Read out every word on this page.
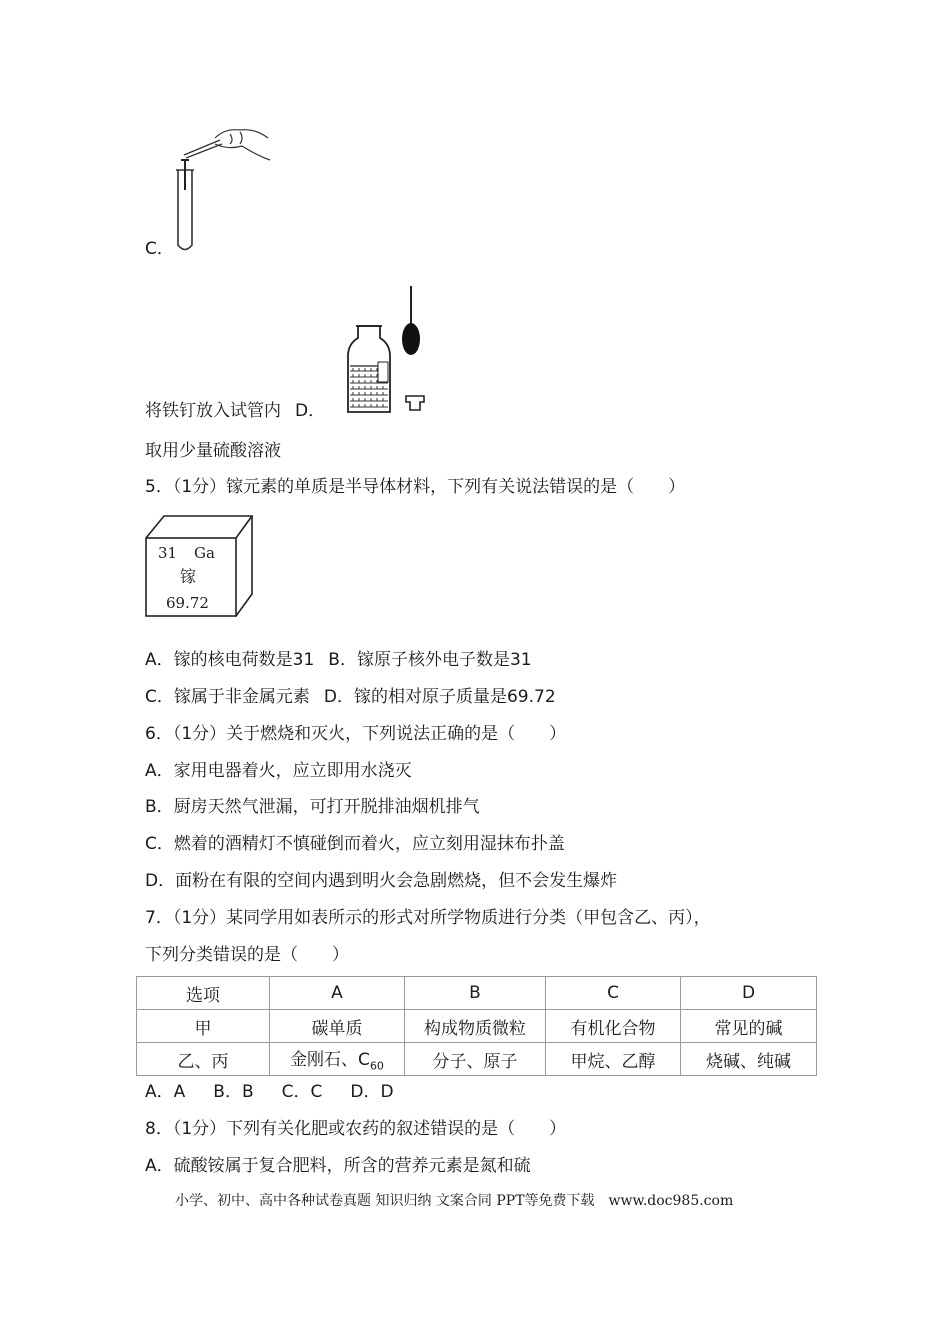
C．
将铁钉放入试管内 D．
取用少量硫酸溶液
5．（1分）镓元素的单质是半导体材料，下列有关说法错误的是（　　）
31 Ga
镓
69.72
A．镓的核电荷数是31 B．镓原子核外电子数是31
C．镓属于非金属元素 D．镓的相对原子质量是69.72
6．（1分）关于燃烧和灭火，下列说法正确的是（　　）
A．家用电器着火，应立即用水浇灭
B．厨房天然气泄漏，可打开脱排油烟机排气
C．燃着的酒精灯不慎碰倒而着火，应立刻用湿抹布扑盖
D．面粉在有限的空间内遇到明火会急剧燃烧，但不会发生爆炸
7．（1分）某同学用如表所示的形式对所学物质进行分类（甲包含乙、丙），
下列分类错误的是（　　）
选项	A	B	C	D
甲	碳单质	构成物质微粒	有机化合物	常见的碱
乙、丙	金刚石、$C_{60}$	分子、原子	甲烷、乙醇	烧碱、纯碱
A．A B．B C．C D．D
8．（1分）下列有关化肥或农药的叙述错误的是（　　）
A．硫酸铵属于复合肥料，所含的营养元素是氮和硫
小学、初中、高中各种试卷真题 知识归纳 文案合同 PPT等免费下载 www.doc985.com
